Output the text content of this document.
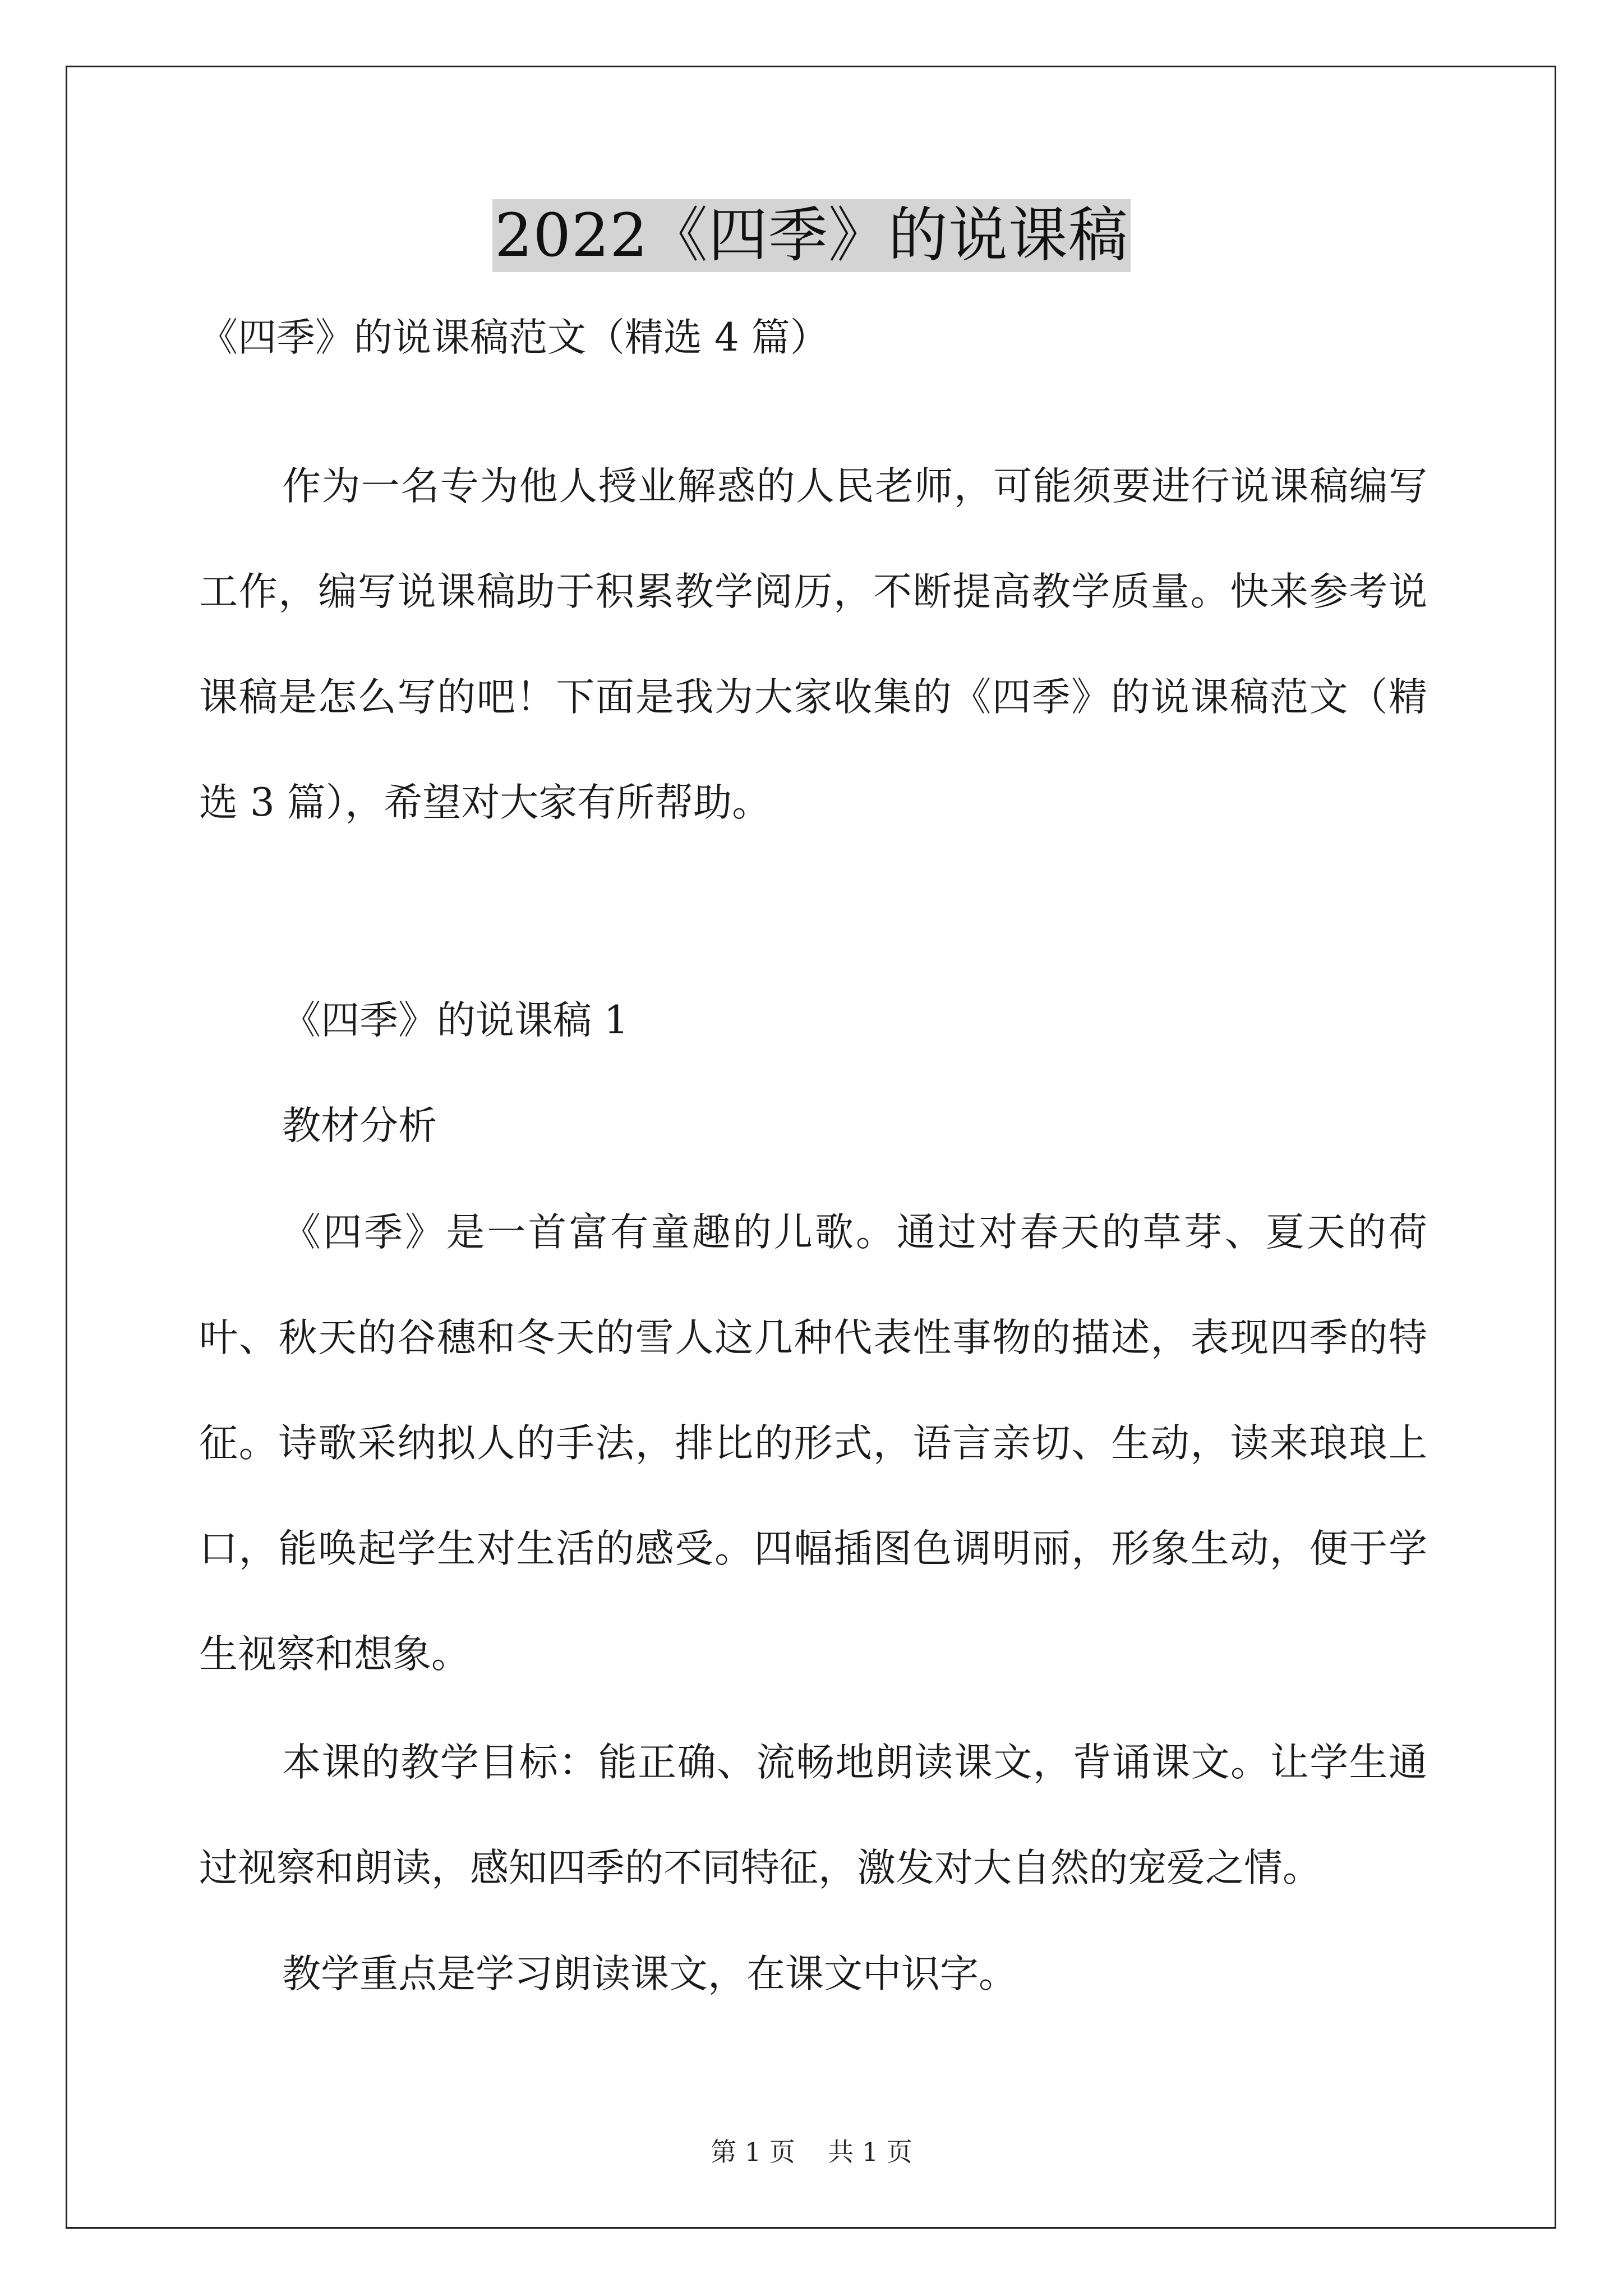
2022《四季》的说课稿
《四季》的说课稿范文（精选 4 篇）

作为一名专为他人授业解惑的人民老师，可能须要进行说课稿编写工作，编写说课稿助于积累教学阅历，不断提高教学质量。快来参考说课稿是怎么写的吧！下面是我为大家收集的《四季》的说课稿范文（精选 3 篇），希望对大家有所帮助。

《四季》的说课稿 1
教材分析

《四季》是一首富有童趣的儿歌。通过对春天的草芽、夏天的荷叶、秋天的谷穗和冬天的雪人这几种代表性事物的描述，表现四季的特征。诗歌采纳拟人的手法，排比的形式，语言亲切、生动，读来琅琅上口，能唤起学生对生活的感受。四幅插图色调明丽，形象生动，便于学生视察和想象。

本课的教学目标：能正确、流畅地朗读课文，背诵课文。让学生通过视察和朗读，感知四季的不同特征，激发对大自然的宠爱之情。

教学重点是学习朗读课文，在课文中识字。

第 1 页    共 1 页
